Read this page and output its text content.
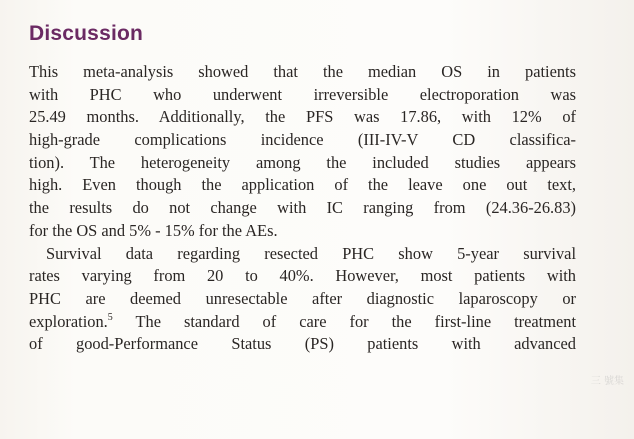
Discussion
This meta-analysis showed that the median OS in patients
with PHC who underwent irreversible electroporation was
25.49 months. Additionally, the PFS was 17.86, with 12% of
high-grade complications incidence (III-IV-V CD classifica-
tion). The heterogeneity among the included studies appears
high. Even though the application of the leave one out text,
the results do not change with IC ranging from (24.36-26.83)
for the OS and 5% - 15% for the AEs.
Survival data regarding resected PHC show 5-year survival
rates varying from 20 to 40%. However, most patients with
PHC are deemed unresectable after diagnostic laparoscopy or
exploration.$^5$ The standard of care for the first-line treatment
of good-Performance Status (PS) patients with advanced
三 號集
